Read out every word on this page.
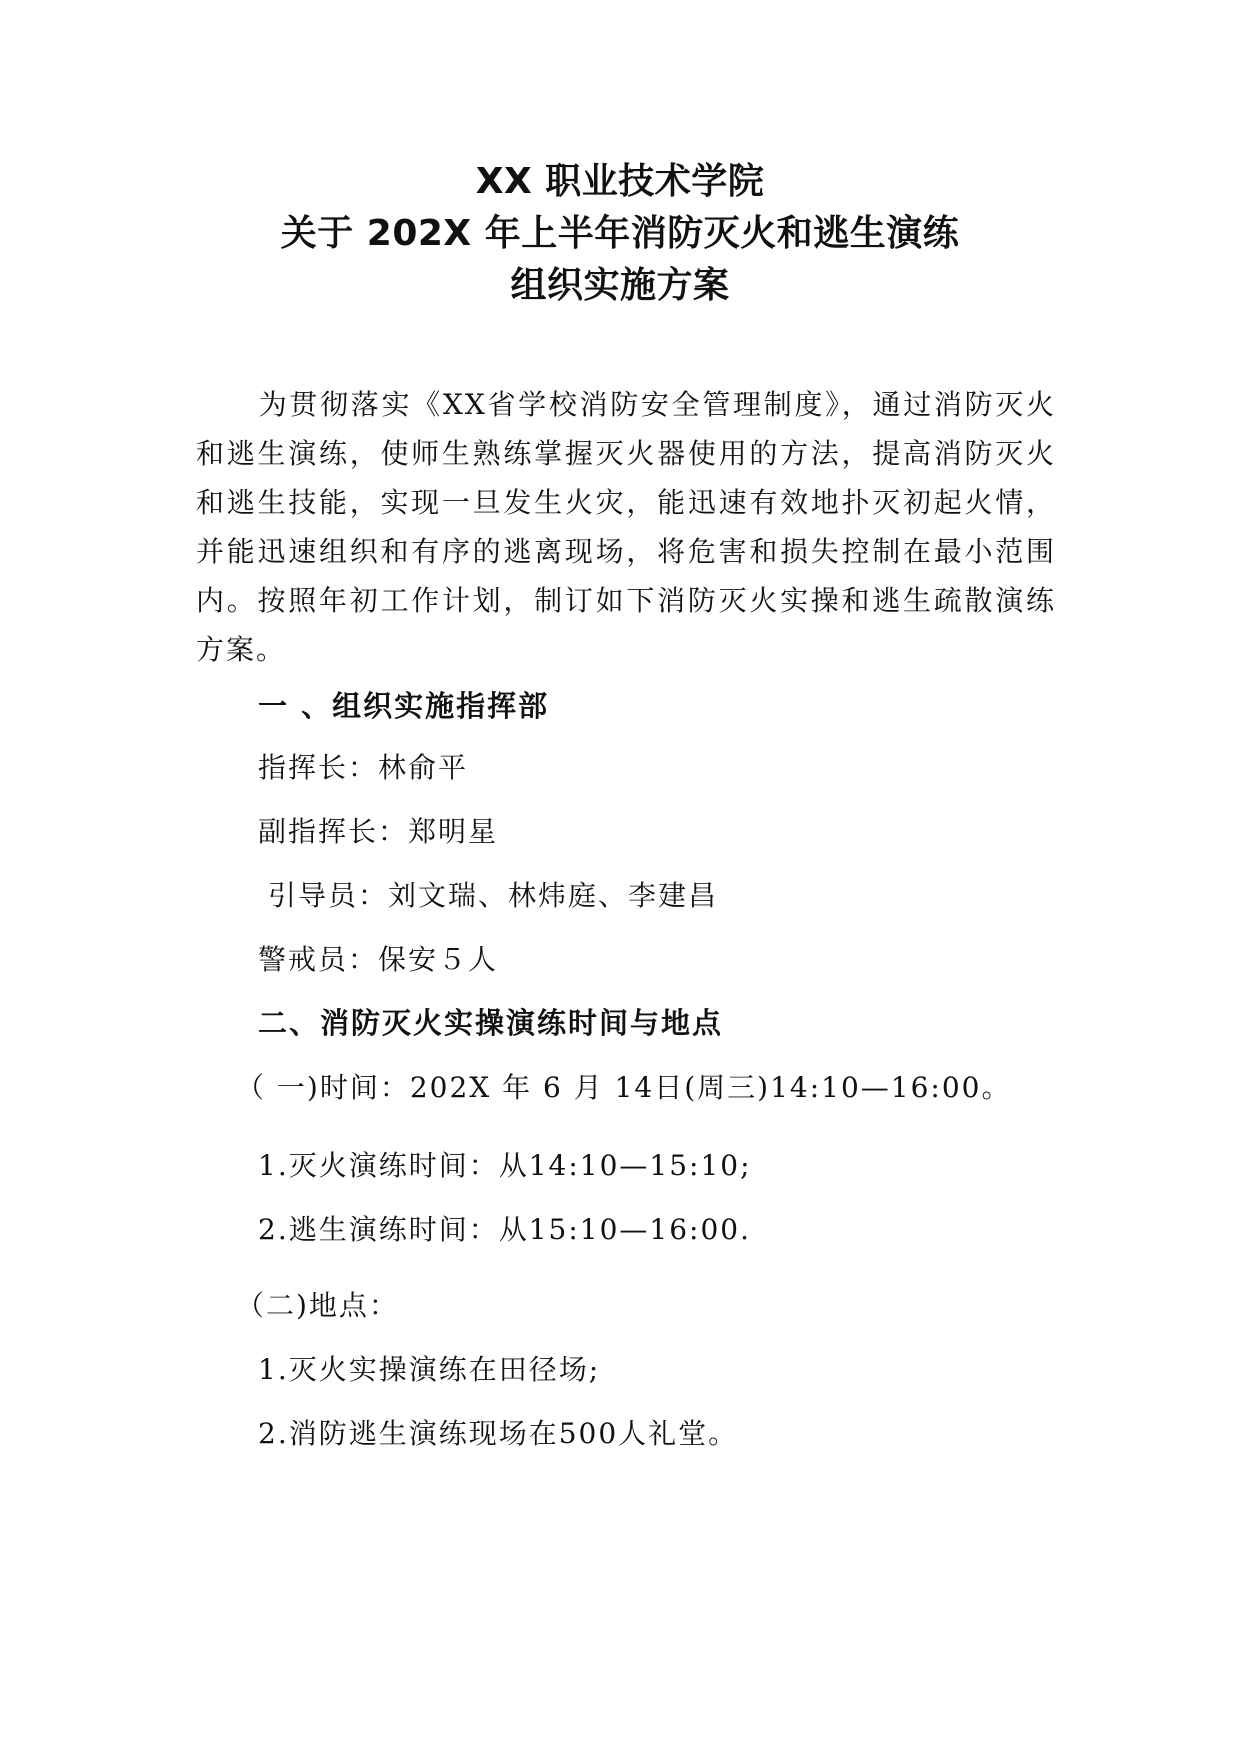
XX 职业技术学院
关于 202X 年上半年消防灭火和逃生演练
组织实施方案
为贯彻落实《XX省学校消防安全管理制度》，通过消防灭火和逃生演练，使师生熟练掌握灭火器使用的方法，提高消防灭火和逃生技能，实现一旦发生火灾，能迅速有效地扑灭初起火情，并能迅速组织和有序的逃离现场，将危害和损失控制在最小范围内。按照年初工作计划，制订如下消防灭火实操和逃生疏散演练方案。
一 、组织实施指挥部
指挥长：林俞平
副指挥长：郑明星
引导员：刘文瑞、林炜庭、李建昌
警戒员：保安５人
二、消防灭火实操演练时间与地点
（ 一)时间：202X 年 6 月 14日(周三)14:10—16:00。
1.灭火演练时间：从14:10—15:10;
2.逃生演练时间：从15:10—16:00.
（二)地点：
1.灭火实操演练在田径场;
2.消防逃生演练现场在500人礼堂。
